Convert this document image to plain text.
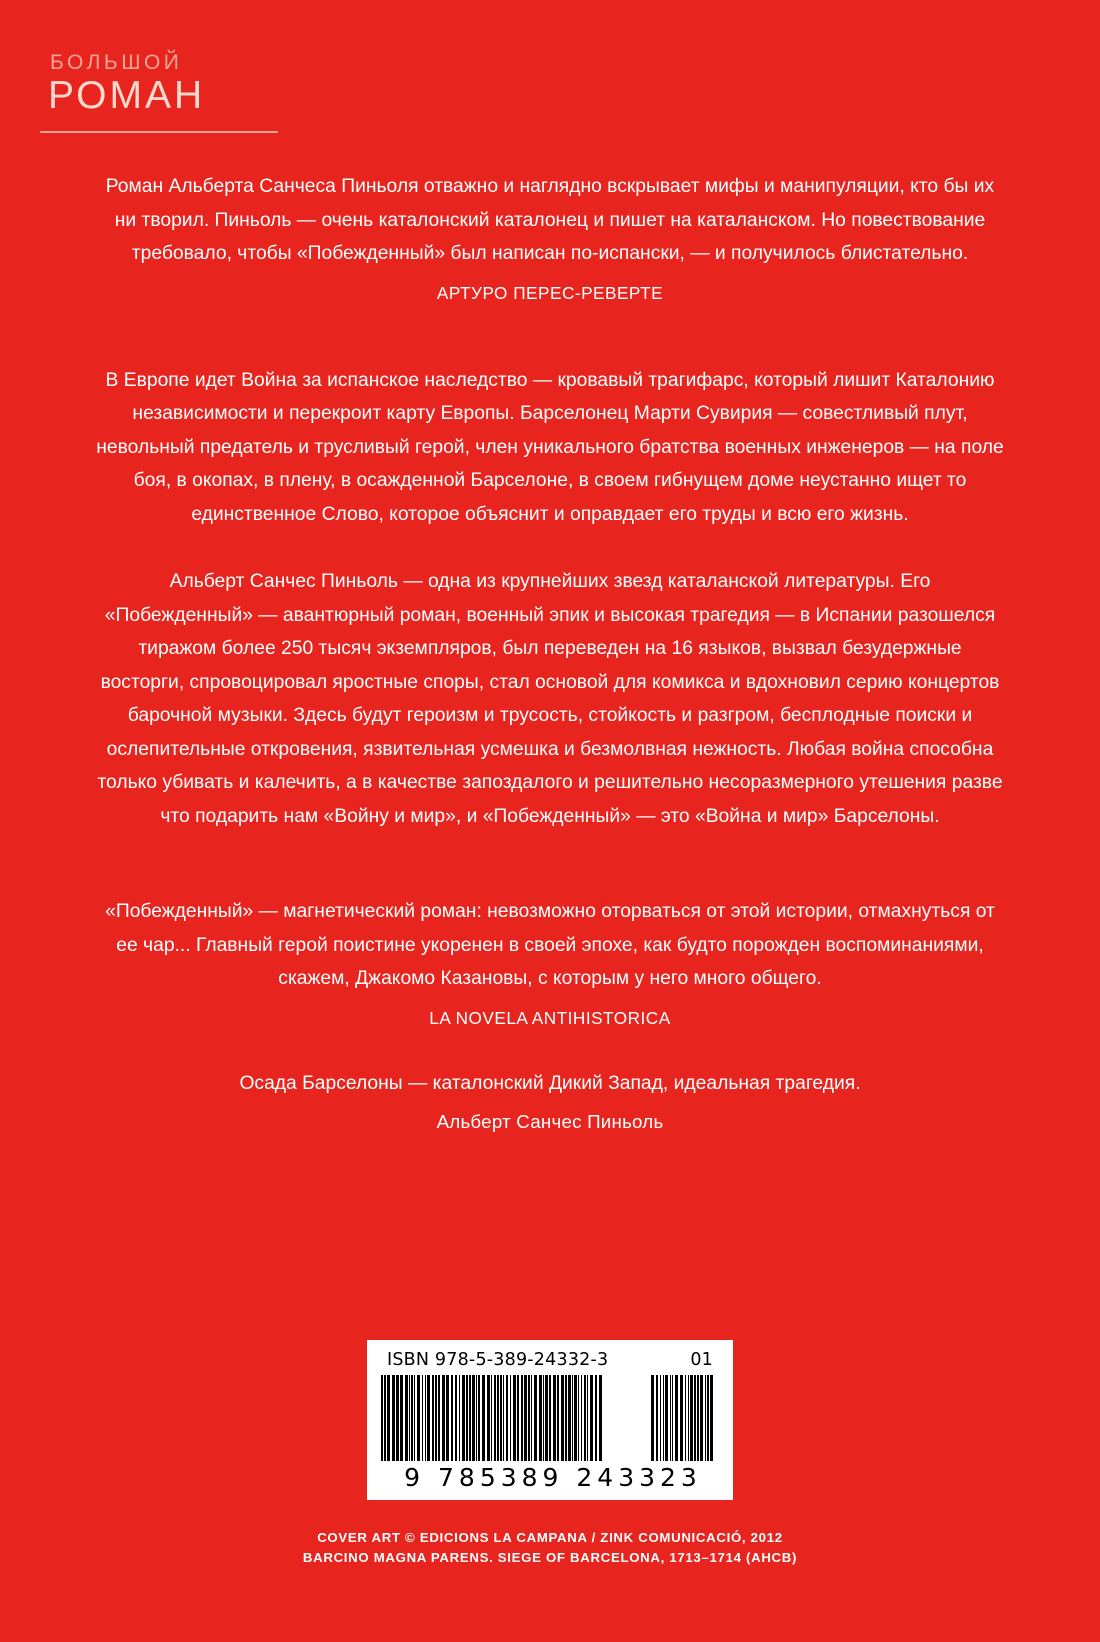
БОЛЬШОЙ
РОМАН
Роман Альберта Санчеса Пиньоля отважно и наглядно вскрывает мифы и манипуляции, кто бы их ни творил. Пиньоль — очень каталонский каталонец и пишет на каталанском. Но повествование требовало, чтобы «Побежденный» был написан по-испански, — и получилось блистательно.
АРТУРО ПЕРЕС-РЕВЕРТЕ
В Европе идет Война за испанское наследство — кровавый трагифарс, который лишит Каталонию независимости и перекроит карту Европы. Барселонец Марти Сувирия — совестливый плут, невольный предатель и трусливый герой, член уникального братства военных инженеров — на поле боя, в окопах, в плену, в осажденной Барселоне, в своем гибнущем доме неустанно ищет то единственное Слово, которое объяснит и оправдает его труды и всю его жизнь.
Альберт Санчес Пиньоль — одна из крупнейших звезд каталанской литературы. Его «Побежденный» — авантюрный роман, военный эпик и высокая трагедия — в Испании разошелся тиражом более 250 тысяч экземпляров, был переведен на 16 языков, вызвал безудержные восторги, спровоцировал яростные споры, стал основой для комикса и вдохновил серию концертов барочной музыки. Здесь будут героизм и трусость, стойкость и разгром, бесплодные поиски и ослепительные откровения, язвительная усмешка и безмолвная нежность. Любая война способна только убивать и калечить, а в качестве запоздалого и решительно несоразмерного утешения разве что подарить нам «Войну и мир», и «Побежденный» — это «Война и мир» Барселоны.
«Побежденный» — магнетический роман: невозможно оторваться от этой истории, отмахнуться от ее чар... Главный герой поистине укоренен в своей эпохе, как будто порожден воспоминаниями, скажем, Джакомо Казановы, с которым у него много общего.
LA NOVELA ANTIHISTORICA
Осада Барселоны — каталонский Дикий Запад, идеальная трагедия.
Альберт Санчес Пиньоль
ISBN 978-5-389-24332-3	01
9 785389 243323
COVER ART © EDICIONS LA CAMPANA / ZINK COMUNICACIÓ, 2012
BARCINO MAGNA PARENS. SIEGE OF BARCELONA, 1713–1714 (AHCB)
